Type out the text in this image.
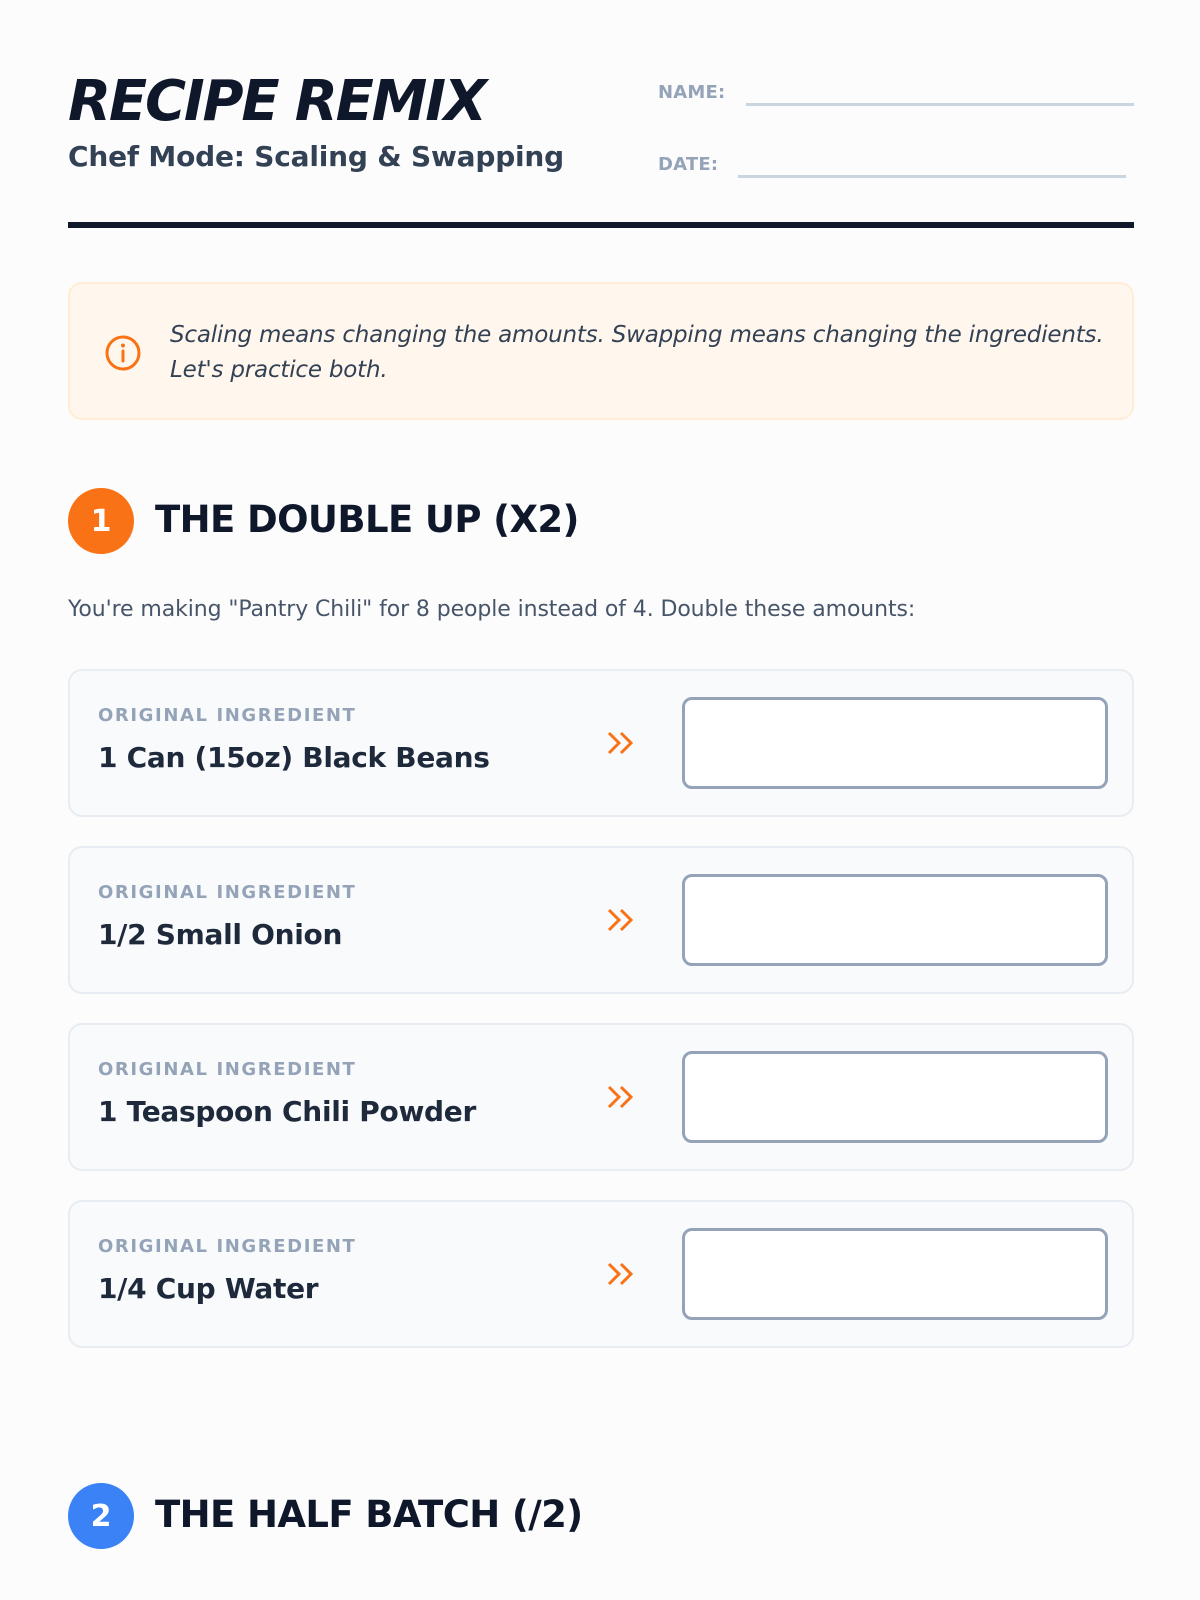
RECIPE REMIX
Chef Mode: Scaling & Swapping
NAME:
DATE:
Scaling means changing the amounts. Swapping means changing the ingredients. Let's practice both.
1	THE DOUBLE UP (X2)
You're making "Pantry Chili" for 8 people instead of 4. Double these amounts:
ORIGINAL INGREDIENT
1 Can (15oz) Black Beans
ORIGINAL INGREDIENT
1/2 Small Onion
ORIGINAL INGREDIENT
1 Teaspoon Chili Powder
ORIGINAL INGREDIENT
1/4 Cup Water
2	THE HALF BATCH (/2)
